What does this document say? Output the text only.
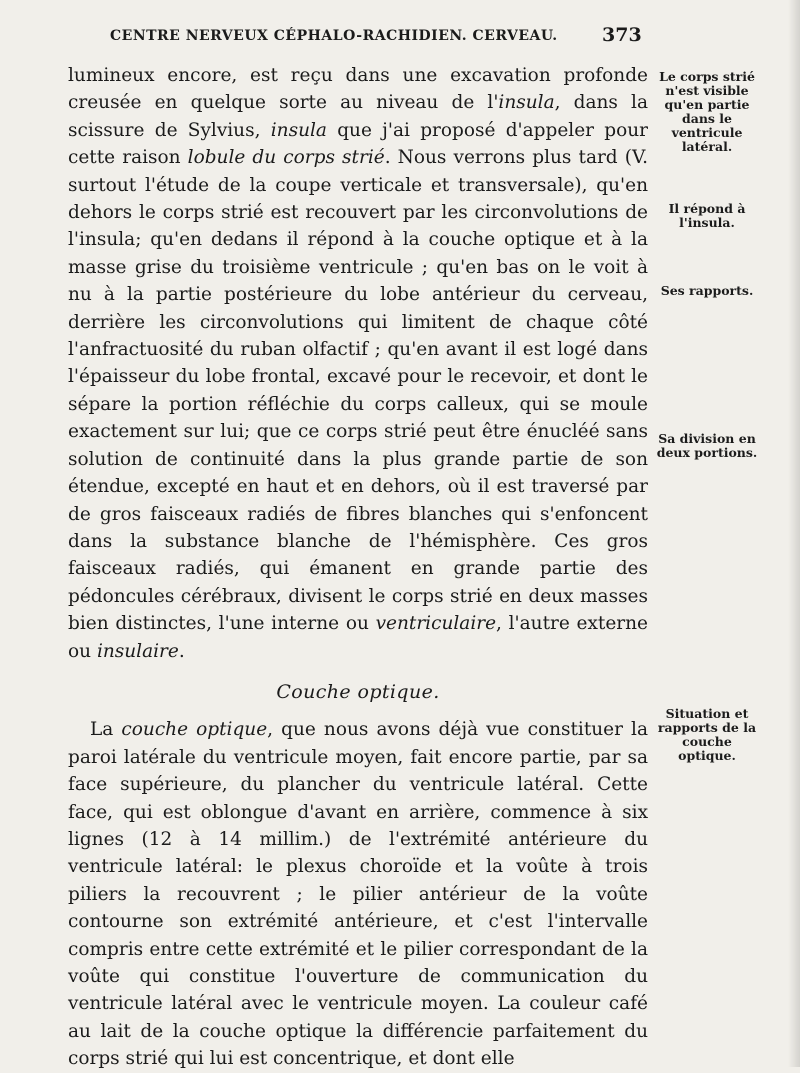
CENTRE NERVEUX CÉPHALO-RACHIDIEN. CERVEAU.	373

lumineux encore, est reçu dans une excavation profonde creusée en quelque sorte au niveau de l'insula, dans la scissure de Sylvius, insula que j'ai proposé d'appeler pour cette raison lobule du corps strié. Nous verrons plus tard (V. surtout l'étude de la coupe verticale et transversale), qu'en dehors le corps strié est recouvert par les circonvolutions de l'insula; qu'en dedans il répond à la couche optique et à la masse grise du troisième ventricule ; qu'en bas on le voit à nu à la partie postérieure du lobe antérieur du cerveau, derrière les circonvolutions qui limitent de chaque côté l'anfractuosité du ruban olfactif ; qu'en avant il est logé dans l'épaisseur du lobe frontal, excavé pour le recevoir, et dont le sépare la portion réfléchie du corps calleux, qui se moule exactement sur lui; que ce corps strié peut être énucléé sans solution de continuité dans la plus grande partie de son étendue, excepté en haut et en dehors, où il est traversé par de gros faisceaux radiés de fibres blanches qui s'enfoncent dans la substance blanche de l'hémisphère. Ces gros faisceaux radiés, qui émanent en grande partie des pédoncules cérébraux, divisent le corps strié en deux masses bien distinctes, l'une interne ou ventriculaire, l'autre externe ou insulaire.

Couche optique.

La couche optique, que nous avons déjà vue constituer la paroi latérale du ventricule moyen, fait encore partie, par sa face supérieure, du plancher du ventricule latéral. Cette face, qui est oblongue d'avant en arrière, commence à six lignes (12 à 14 millim.) de l'extrémité antérieure du ventricule latéral: le plexus choroïde et la voûte à trois piliers la recouvrent ; le pilier antérieur de la voûte contourne son extrémité antérieure, et c'est l'intervalle compris entre cette extrémité et le pilier correspondant de la voûte qui constitue l'ouverture de communication du ventricule latéral avec le ventricule moyen. La couleur café au lait de la couche optique la différencie parfaitement du corps strié qui lui est concentrique, et dont elle

Le corps strié n'est visible qu'en partie dans le ventricule latéral.
Il répond à l'insula.
Ses rapports.
Sa division en deux portions.
Situation et rapports de la couche optique.
